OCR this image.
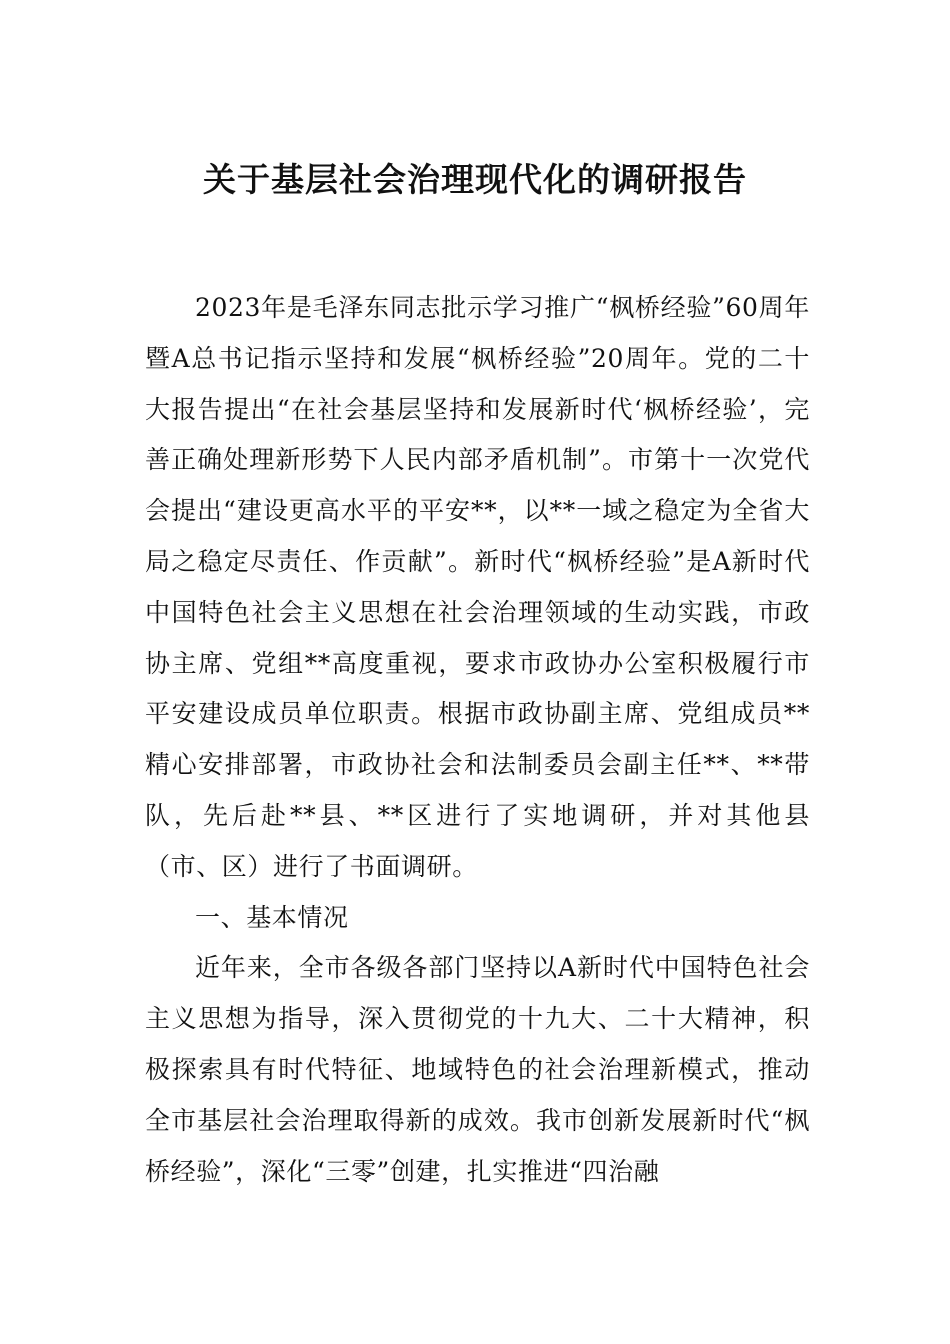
关于基层社会治理现代化的调研报告

2023年是毛泽东同志批示学习推广“枫桥经验”60周年暨A总书记指示坚持和发展“枫桥经验”20周年。党的二十大报告提出“在社会基层坚持和发展新时代‘枫桥经验’，完善正确处理新形势下人民内部矛盾机制”。市第十一次党代会提出“建设更高水平的平安**，以**一域之稳定为全省大局之稳定尽责任、作贡献”。新时代“枫桥经验”是A新时代中国特色社会主义思想在社会治理领域的生动实践，市政协主席、党组**高度重视，要求市政协办公室积极履行市平安建设成员单位职责。根据市政协副主席、党组成员**精心安排部署，市政协社会和法制委员会副主任**、**带队，先后赴**县、**区进行了实地调研，并对其他县（市、区）进行了书面调研。

一、基本情况

近年来，全市各级各部门坚持以A新时代中国特色社会主义思想为指导，深入贯彻党的十九大、二十大精神，积极探索具有时代特征、地域特色的社会治理新模式，推动全市基层社会治理取得新的成效。我市创新发展新时代“枫桥经验”，深化“三零”创建，扎实推进“四治融
